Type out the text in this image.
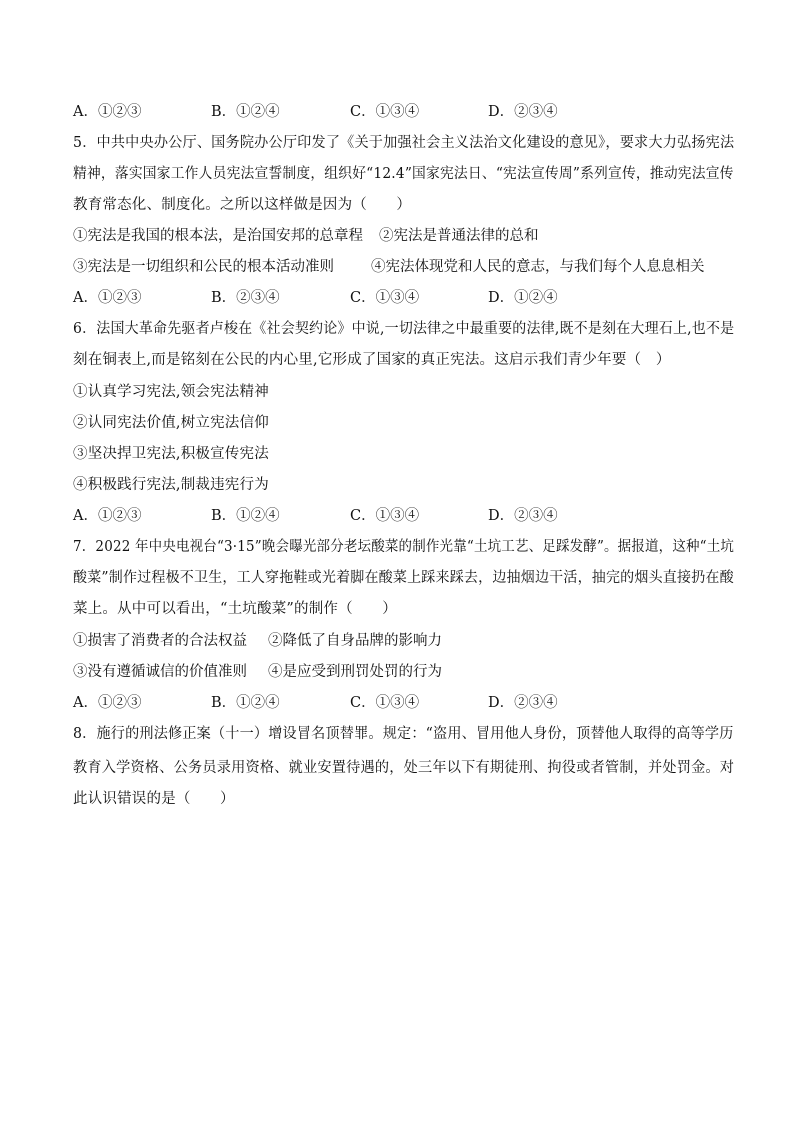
A．①②③	B．①②④	C．①③④	D．②③④
5．中共中央办公厅、国务院办公厅印发了《关于加强社会主义法治文化建设的意见》，要求大力弘扬宪法
精神，落实国家工作人员宪法宣誓制度，组织好“12.4”国家宪法日、“宪法宣传周”系列宣传，推动宪法宣传
教育常态化、制度化。之所以这样做是因为（　　）
①宪法是我国的根本法，是治国安邦的总章程 ②宪法是普通法律的总和
③宪法是一切组织和公民的根本活动准则	④宪法体现党和人民的意志，与我们每个人息息相关
A．①②③	B．②③④	C．①③④	D．①②④
6．法国大革命先驱者卢梭在《社会契约论》中说,一切法律之中最重要的法律,既不是刻在大理石上,也不是
刻在铜表上,而是铭刻在公民的内心里,它形成了国家的真正宪法。这启示我们青少年要（　）
①认真学习宪法,领会宪法精神
②认同宪法价值,树立宪法信仰
③坚决捍卫宪法,积极宣传宪法
④积极践行宪法,制裁违宪行为
A．①②③	B．①②④	C．①③④	D．②③④
7．2022 年中央电视台“3·15”晚会曝光部分老坛酸菜的制作光靠“土坑工艺、足踩发酵”。据报道，这种“土坑
酸菜”制作过程极不卫生，工人穿拖鞋或光着脚在酸菜上踩来踩去，边抽烟边干活，抽完的烟头直接扔在酸
菜上。从中可以看出，“土坑酸菜”的制作（　　）
①损害了消费者的合法权益 ②降低了自身品牌的影响力
③没有遵循诚信的价值准则 ④是应受到刑罚处罚的行为
A．①②③	B．①②④	C．①③④	D．②③④
8．施行的刑法修正案（十一）增设冒名顶替罪。规定：“盗用、冒用他人身份，顶替他人取得的高等学历
教育入学资格、公务员录用资格、就业安置待遇的，处三年以下有期徒刑、拘役或者管制，并处罚金。对
此认识错误的是（　　）
